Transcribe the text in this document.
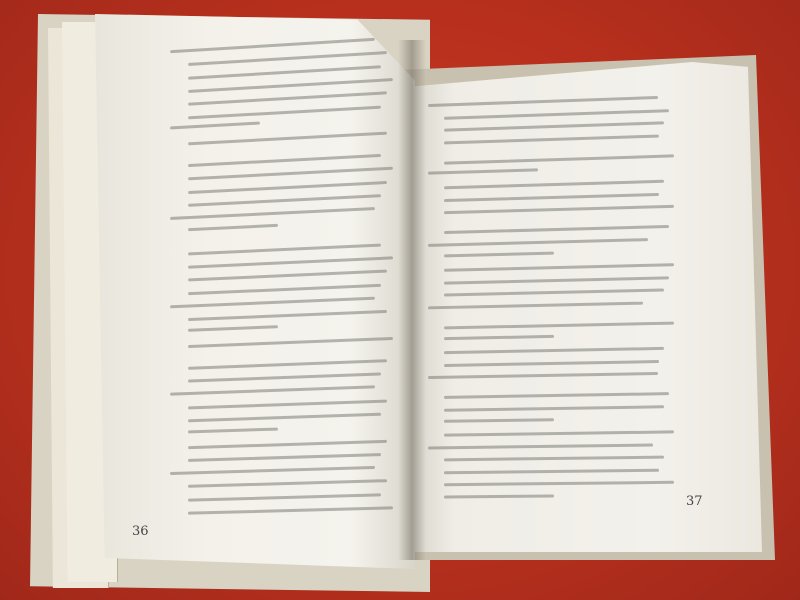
36
37
